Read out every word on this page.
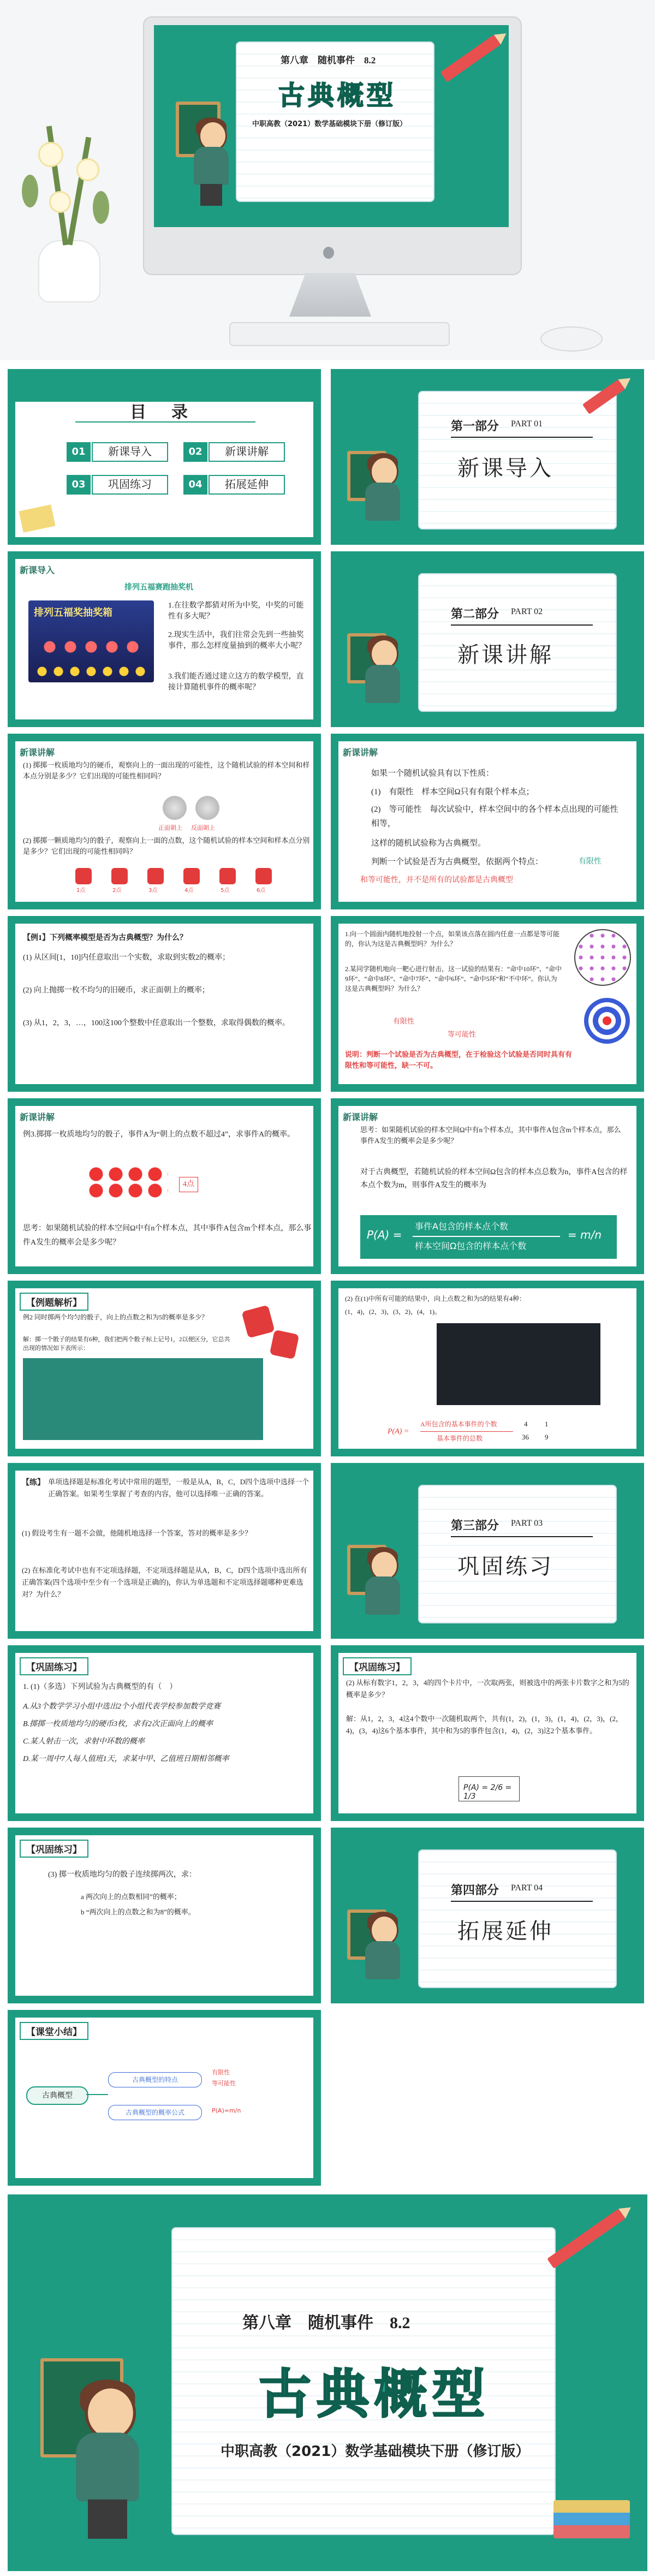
第八章　随机事件　8.2
古典概型
中职高教（2021）数学基础模块下册（修订版）
目　录
01	新课导入	02	新课讲解
03	巩固练习	04	拓展延伸
第一部分 PART 01
新课导入
新课导入
排列五福赛跑抽奖机
排列五福奖抽奖箱
1.在往数学都猜对所为中奖，中奖的可能性有多大呢？
2.现实生活中，我们往常会先到一些抽奖事件，那么怎样度量抽到的概率大小呢？
3.我们能否通过建立这方的数学模型，直接计算随机事件的概率呢？
第二部分 PART 02
新课讲解
新课讲解
(1) 掷掷一枚质地均匀的硬币，观察向上的一面出现的可能性，这个随机试验的样本空间和样本点分别是多少？它们出现的可能性相同吗？
正面朝上 反面朝上
(2) 掷掷一颗质地均匀的骰子，观察向上一面的点数，这个随机试验的样本空间和样本点分别是多少？它们出现的可能性相同吗？
1点	2点	3点	4点	5点	6点
新课讲解
如果一个随机试验具有以下性质：
(1)　有限性　样本空间Ω只有有限个样本点；
(2)　等可能性　每次试验中，样本空间中的各个样本点出现的可能性相等，
这样的随机试验称为古典概型。
判断一个试验是否为古典概型，依据两个特点：	有限性
和等可能性，并不是所有的试验都是古典概型
【例1】下列概率模型是否为古典概型？为什么？
(1) 从区间[1，10]内任意取出一个实数，求取到实数2的概率；
(2) 向上抛掷一枚不均匀的旧硬币，求正面朝上的概率；
(3) 从1，2，3，…，100这100个整数中任意取出一个整数，求取得偶数的概率。
1.向一个圆面内随机地投射一个点，如果该点落在圆内任意一点都是等可能的，你认为这是古典概型吗？为什么？
2.某同学随机地向一靶心进行射击，这一试验的结果有：“命中10环”、“命中9环”、“命中8环”、“命中7环”、“命中6环”、“命中5环”和“不中环”。你认为这是古典概型吗？为什么？
有限性
等可能性
说明：判断一个试验是否为古典概型，在于检验这个试验是否同时具有有限性和等可能性，缺一不可。
新课讲解
例3.掷掷一枚质地均匀的骰子，事件A为“朝上的点数不超过4”，求事件A的概率。
4点
思考：如果随机试验的样本空间Ω中有n个样本点，其中事件A包含m个样本点，那么事件A发生的概率会是多少呢？
新课讲解
思考：如果随机试验的样本空间Ω中有n个样本点，其中事件A包含m个样本点，那么事件A发生的概率会是多少呢？
对于古典概型，若随机试验的样本空间Ω包含的样本点总数为n，事件A包含的样本点个数为m，则事件A发生的概率为
P(A) =
事件A包含的样本点个数
样本空间Ω包含的样本点个数
= m/n
【例题解析】
例2 同时掷两个均匀的骰子，向上的点数之和为5的概率是多少？
解：掷一个骰子的结果有6种，我们把两个骰子标上记号1，2以便区分，它总共出现的情况如下表所示：
(2) 在(1)中所有可能的结果中，向上点数之和为5的结果有4种：
(1，4)，(2，3)，(3，2)，(4，1)。
P(A) =
A所包含的基本事件的个数
基本事件的总数
4
36
1
9
【练】 单项选择题是标准化考试中常用的题型，一般是从A，B，C，D四个选项中选择一个正确答案。如果考生掌握了考查的内容，他可以选择唯一正确的答案。
(1) 假设考生有一题不会做，他随机地选择一个答案，答对的概率是多少？
(2) 在标准化考试中也有不定项选择题，不定项选择题是从A，B，C，D四个选项中选出所有正确答案(四个选项中至少有一个选项是正确的)，你认为单选题和不定项选择题哪种更难选对？为什么？
第三部分 PART 03
巩固练习
【巩固练习】
1. (1)（多选）下列试验为古典概型的有（　）
A.从3个数学学习小组中选出2个小组代表学校参加数学竞赛
B.掷掷一枚质地均匀的硬币3枚，求有2次正面向上的概率
C.某人射击一次，求射中环数的概率
D.某一周中7人每人值班1天，求某中甲、乙值班日期相邻概率
【巩固练习】
(2) 从标有数字1，2，3，4的四个卡片中，一次取两张，则被选中的两张卡片数字之和为5的概率是多少？
解：从1，2，3，4这4个数中一次随机取两个，共有(1，2)，(1，3)，(1，4)，(2，3)，(2，4)，(3，4)这6个基本事件，其中和为5的事件包含(1，4)，(2，3)这2个基本事件。
P(A) = 2/6 = 1/3
【巩固练习】
(3) 掷一枚质地均匀的骰子连续掷两次，求：
a 两次向上的点数相同”的概率；
b “两次向上的点数之和为8”的概率。
第四部分 PART 04
拓展延伸
【课堂小结】
古典概型
古典概型的特点
古典概型的概率公式
有限性
等可能性
P(A)=m/n
第八章　随机事件　8.2
古典概型
中职高教（2021）数学基础模块下册（修订版）
